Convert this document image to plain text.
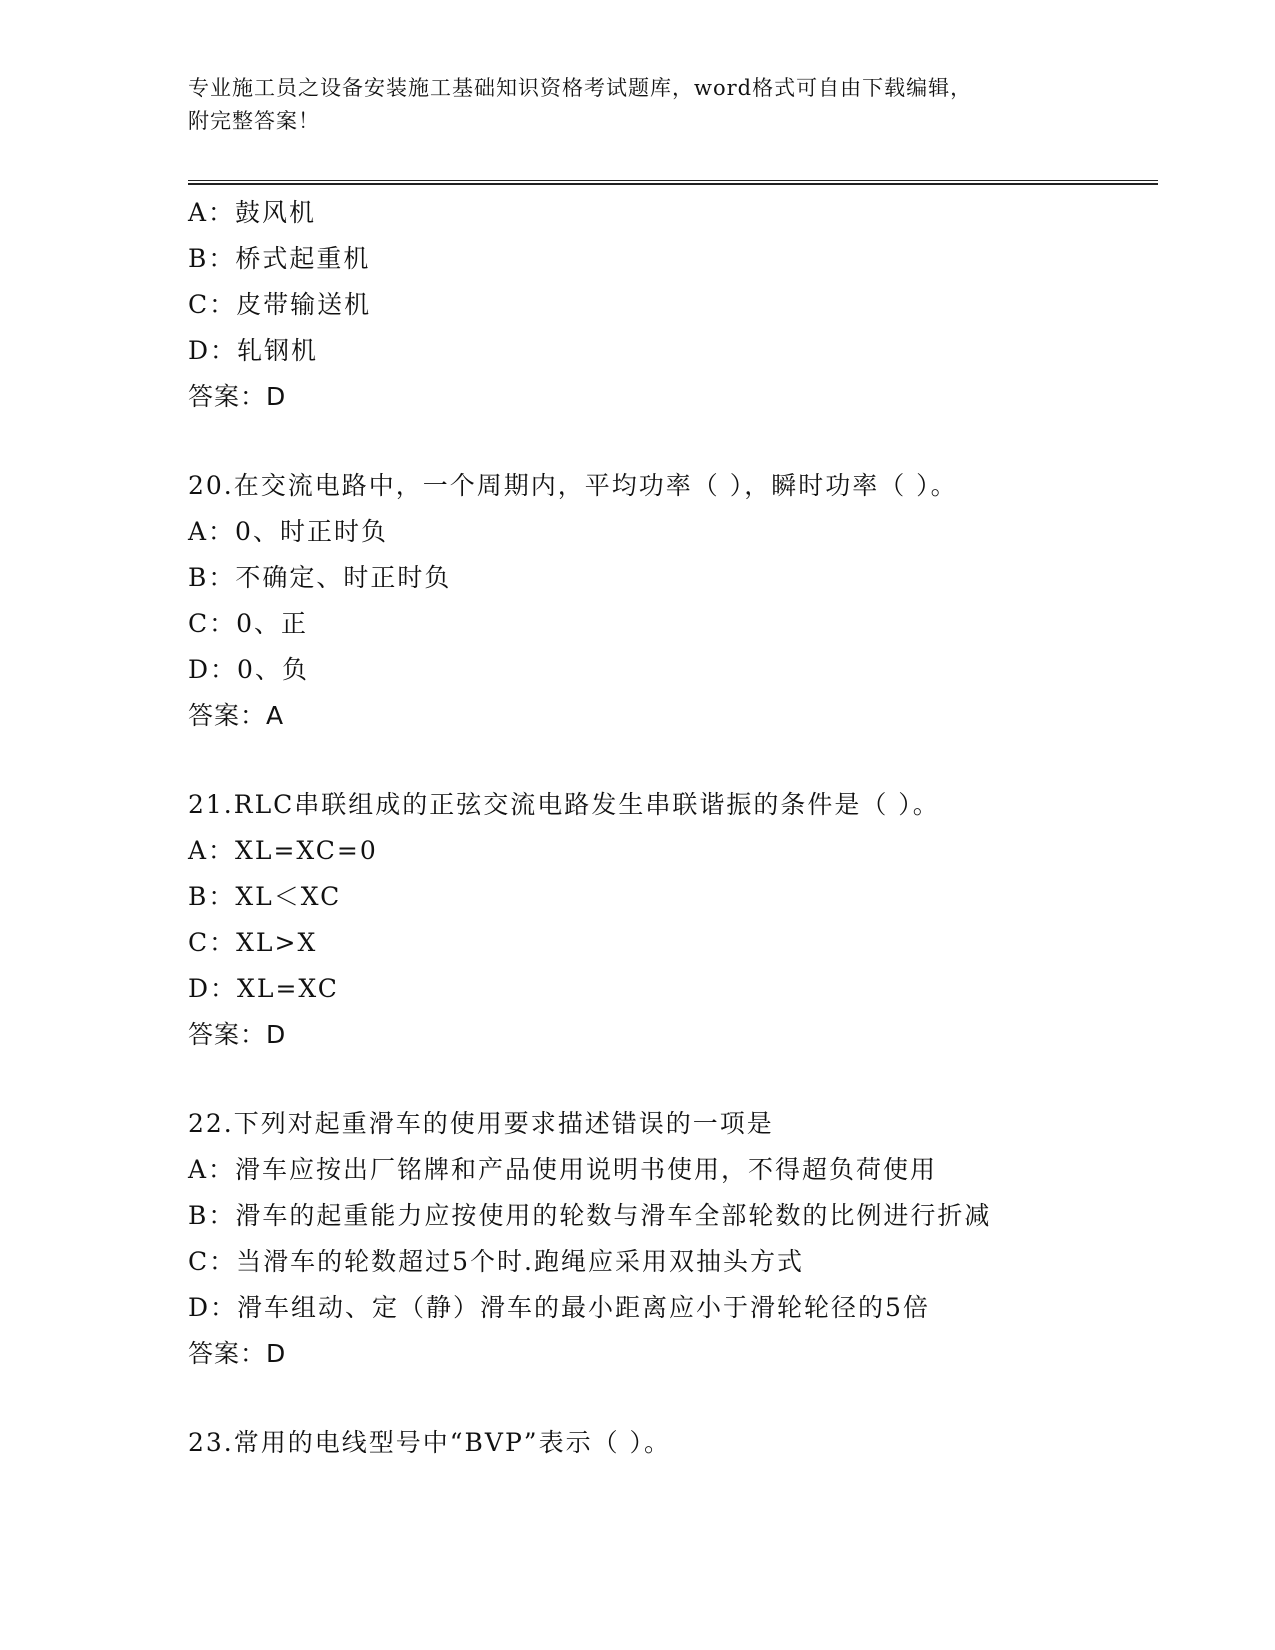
专业施工员之设备安装施工基础知识资格考试题库，word格式可自由下载编辑，
附完整答案！
A：鼓风机
B：桥式起重机
C：皮带输送机
D：轧钢机
答案：D
20.在交流电路中，一个周期内，平均功率（ ），瞬时功率（ ）。
A：0、时正时负
B：不确定、时正时负
C：0、正
D：0、负
答案：A
21.RLC串联组成的正弦交流电路发生串联谐振的条件是（ ）。
A：XL=XC=0
B：XL＜XC
C：XL>X
D：XL=XC
答案：D
22.下列对起重滑车的使用要求描述错误的一项是
A：滑车应按出厂铭牌和产品使用说明书使用，不得超负荷使用
B：滑车的起重能力应按使用的轮数与滑车全部轮数的比例进行折减
C：当滑车的轮数超过5个时.跑绳应采用双抽头方式
D：滑车组动、定（静）滑车的最小距离应小于滑轮轮径的5倍
答案：D
23.常用的电线型号中“BVP”表示（ ）。
